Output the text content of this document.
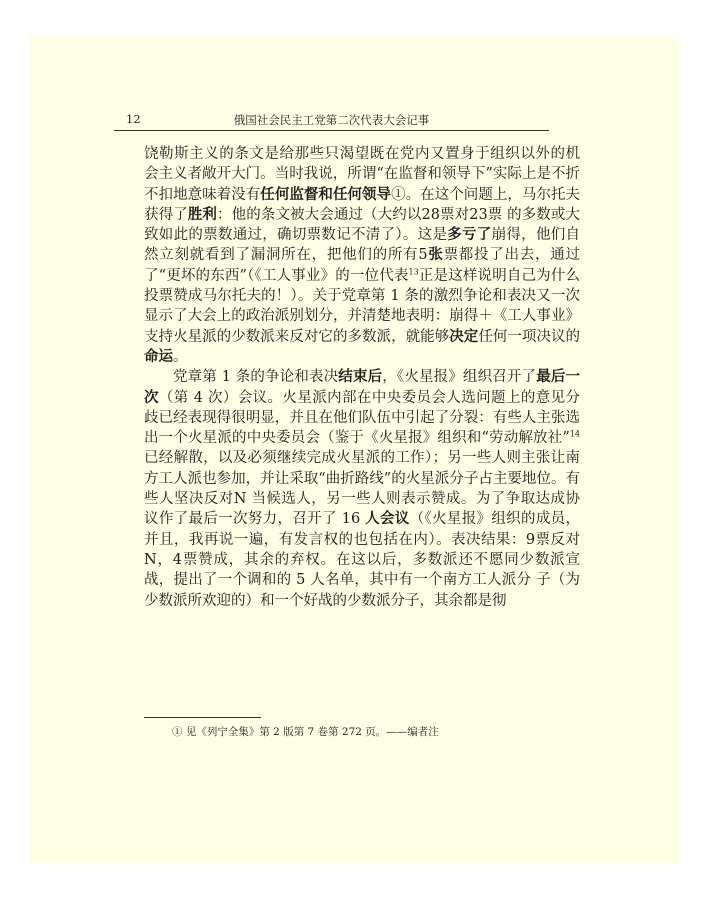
12	俄国社会民主工党第二次代表大会记事

饶勒斯主义的条文是给那些只渴望既在党内又置身于组织以外的机 会主义者敞开大门。当时我说，所谓“在监督和领导下”实际上是不折不扣地意味着没有任何监督和任何领导①。在这个问题上，马尔托夫获得了胜利：他的条文被大会通过（大约以28票对23票 的多数或大致如此的票数通过，确切票数记不清了）。这是多亏了崩得，他们自然立刻就看到了漏洞所在，把他们的所有5张票都投了出去，通过了“更坏的东西”（《工人事业》的一位代表$^{13}$正是这样说明自己为什么投票赞成马尔托夫的！）。关于党章第 1 条的激烈争论和表决又一次显示了大会上的政治派别划分，并清楚地表明：崩得＋《工人事业》支持火星派的少数派来反对它的多数派，就能够决定任何一项决议的命运。

党章第 1 条的争论和表决结束后，《火星报》组织召开了最后一次（第 4 次）会议。火星派内部在中央委员会人选问题上的意见分歧已经表现得很明显，并且在他们队伍中引起了分裂：有些人主张选出一个火星派的中央委员会（鉴于《火星报》组织和“劳动解放社”$^{14}$已经解散，以及必须继续完成火星派的工作）；另一些人则主张让南方工人派也参加，并让采取“曲折路线”的火星派分子占主要地位。有些人坚决反对N 当候选人，另一些人则表示赞成。为了争取达成协议作了最后一次努力，召开了 16 人会议（《火星报》组织的成员，并且，我再说一遍，有发言权的也包括在内）。表决结果：9票反对N，4票赞成，其余的弃权。在这以后，多数派还不愿同少数派宣战，提出了一个调和的 5 人名单，其中有一个南方工人派分 子（为少数派所欢迎的）和一个好战的少数派分子，其余都是彻

① 见《列宁全集》第 2 版第 7 卷第 272 页。——编者注
